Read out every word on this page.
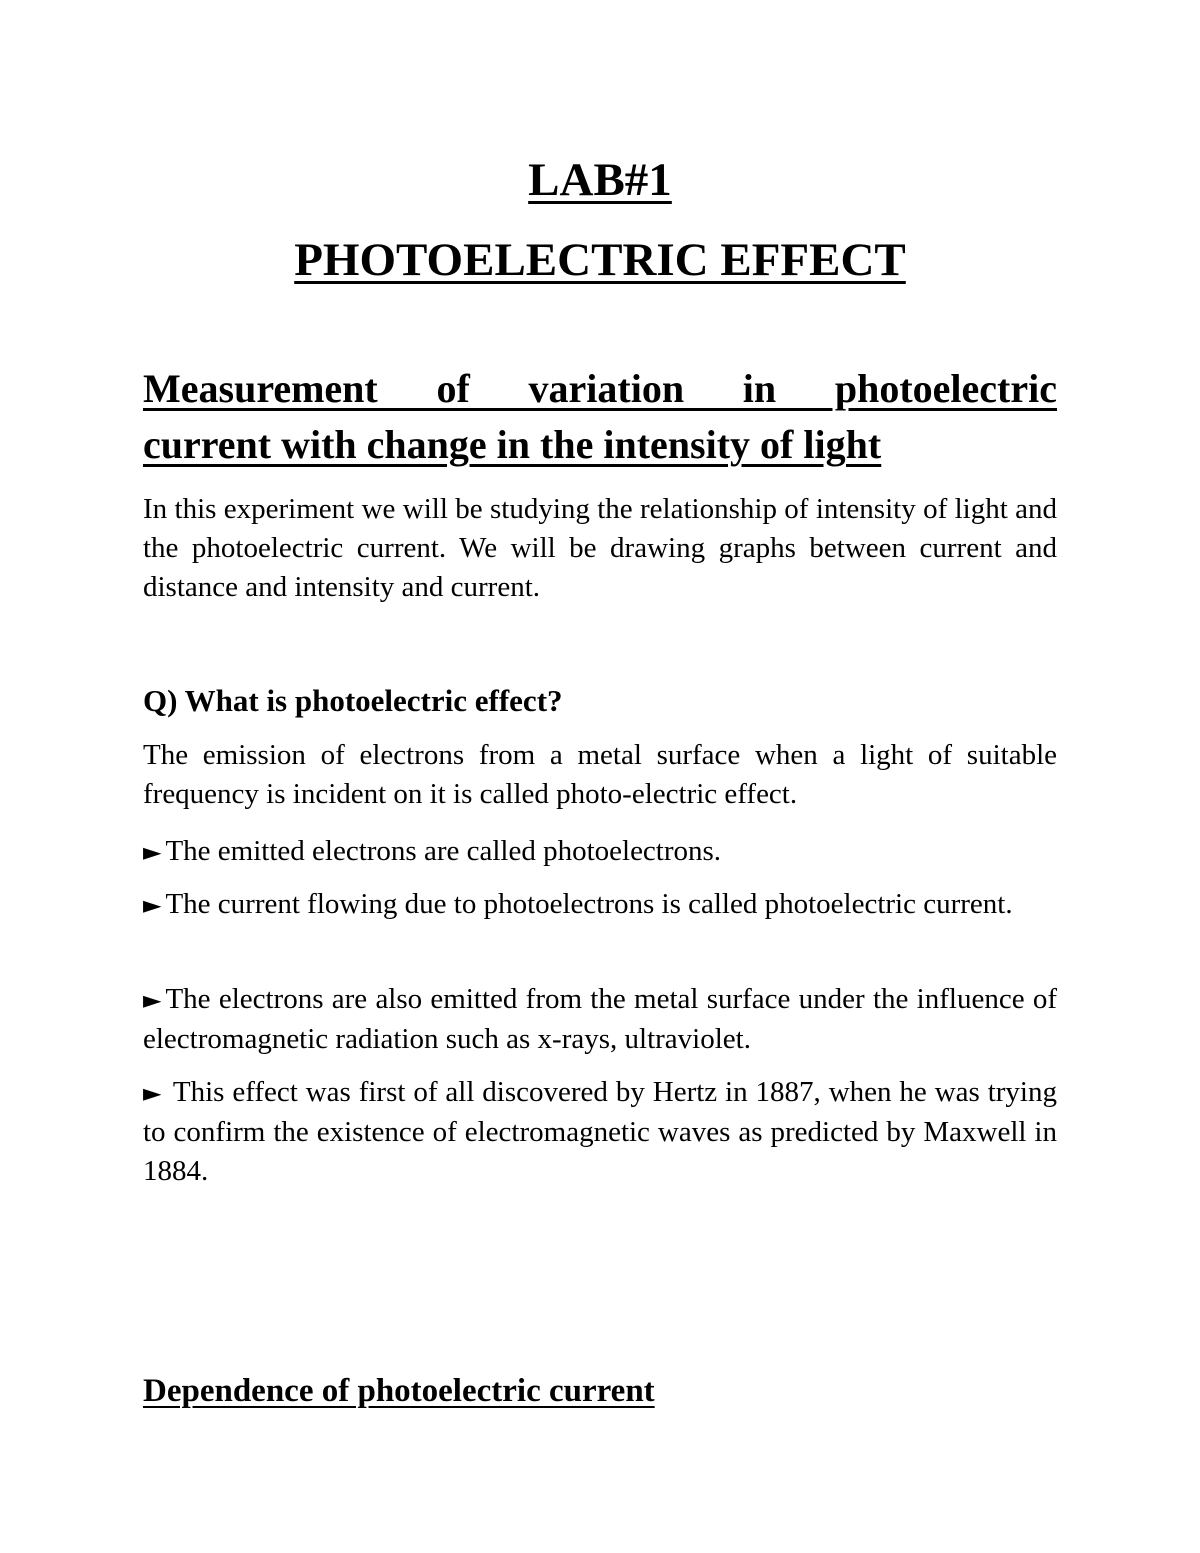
LAB#1
PHOTOELECTRIC EFFECT
Measurement of variation in photoelectric
current with change in the intensity of light

In this experiment we will be studying the relationship of intensity of light and the photoelectric current. We will be drawing graphs between current and distance and intensity and current.

Q) What is photoelectric effect?

The emission of electrons from a metal surface when a light of suitable frequency is incident on it is called photo-electric effect.

► The emitted electrons are called photoelectrons.

► The current flowing due to photoelectrons is called photoelectric current.

► The electrons are also emitted from the metal surface under the influence of electromagnetic radiation such as x-rays, ultraviolet.

► This effect was first of all discovered by Hertz in 1887, when he was trying to confirm the existence of electromagnetic waves as predicted by Maxwell in 1884.

Dependence of photoelectric current
